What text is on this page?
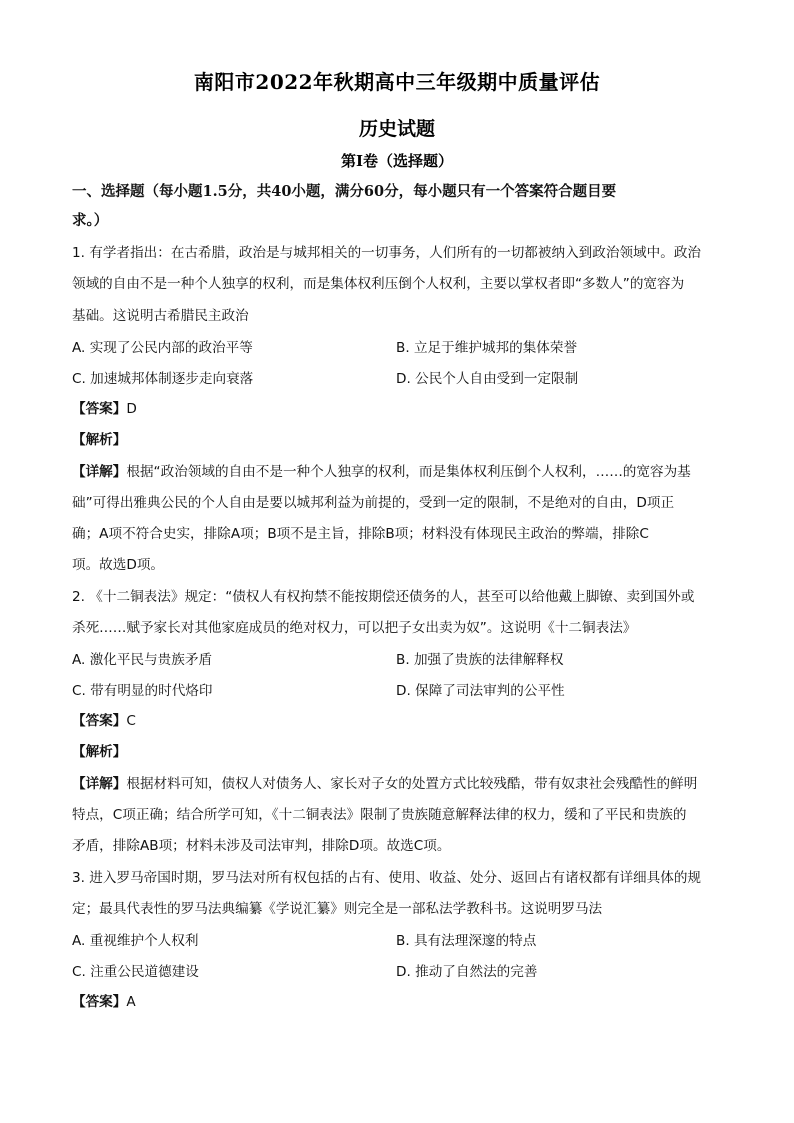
南阳市2022年秋期高中三年级期中质量评估
历史试题
第Ⅰ卷（选择题）
一、选择题（每小题1.5分，共40小题，满分60分，每小题只有一个答案符合题目要
求。）
1. 有学者指出：在古希腊，政治是与城邦相关的一切事务，人们所有的一切都被纳入到政治领域中。政治
领域的自由不是一种个人独享的权利，而是集体权利压倒个人权利，主要以掌权者即“多数人”的宽容为
基础。这说明古希腊民主政治
A. 实现了公民内部的政治平等	B. 立足于维护城邦的集体荣誉
C. 加速城邦体制逐步走向衰落	D. 公民个人自由受到一定限制
【答案】D
【解析】
【详解】根据“政治领域的自由不是一种个人独享的权利，而是集体权利压倒个人权利，……的宽容为基
础”可得出雅典公民的个人自由是要以城邦利益为前提的，受到一定的限制，不是绝对的自由，D项正
确；A项不符合史实，排除A项；B项不是主旨，排除B项；材料没有体现民主政治的弊端，排除C
项。故选D项。
2. 《十二铜表法》规定：“债权人有权拘禁不能按期偿还债务的人，甚至可以给他戴上脚镣、卖到国外或
杀死……赋予家长对其他家庭成员的绝对权力，可以把子女出卖为奴”。这说明《十二铜表法》
A. 激化平民与贵族矛盾	B. 加强了贵族的法律解释权
C. 带有明显的时代烙印	D. 保障了司法审判的公平性
【答案】C
【解析】
【详解】根据材料可知，债权人对债务人、家长对子女的处置方式比较残酷，带有奴隶社会残酷性的鲜明
特点，C项正确；结合所学可知，《十二铜表法》限制了贵族随意解释法律的权力，缓和了平民和贵族的
矛盾，排除AB项；材料未涉及司法审判，排除D项。故选C项。
3. 进入罗马帝国时期，罗马法对所有权包括的占有、使用、收益、处分、返回占有诸权都有详细具体的规
定；最具代表性的罗马法典编纂《学说汇纂》则完全是一部私法学教科书。这说明罗马法
A. 重视维护个人权利	B. 具有法理深邃的特点
C. 注重公民道德建设	D. 推动了自然法的完善
【答案】A
